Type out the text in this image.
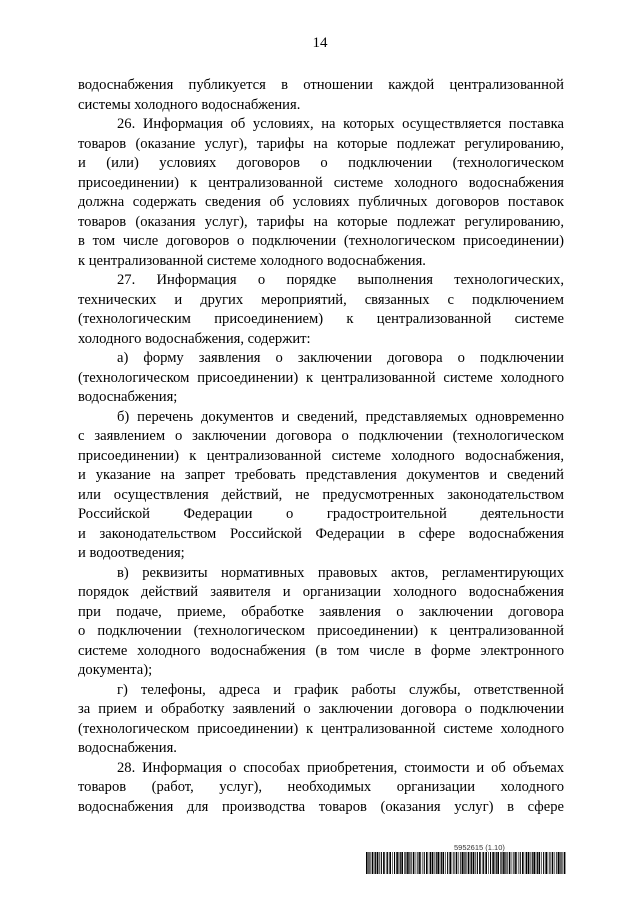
14
водоснабжения публикуется в отношении каждой централизованной
системы холодного водоснабжения.
26. Информация об условиях, на которых осуществляется поставка
товаров (оказание услуг), тарифы на которые подлежат регулированию,
и (или) условиях договоров о подключении (технологическом
присоединении) к централизованной системе холодного водоснабжения
должна содержать сведения об условиях публичных договоров поставок
товаров (оказания услуг), тарифы на которые подлежат регулированию,
в том числе договоров о подключении (технологическом присоединении)
к централизованной системе холодного водоснабжения.
27. Информация о порядке выполнения технологических,
технических и других мероприятий, связанных с подключением
(технологическим присоединением) к централизованной системе
холодного водоснабжения, содержит:
а) форму заявления о заключении договора о подключении
(технологическом присоединении) к централизованной системе холодного
водоснабжения;
б) перечень документов и сведений, представляемых одновременно
с заявлением о заключении договора о подключении (технологическом
присоединении) к централизованной системе холодного водоснабжения,
и указание на запрет требовать представления документов и сведений
или осуществления действий, не предусмотренных законодательством
Российской Федерации о градостроительной деятельности
и законодательством Российской Федерации в сфере водоснабжения
и водоотведения;
в) реквизиты нормативных правовых актов, регламентирующих
порядок действий заявителя и организации холодного водоснабжения
при подаче, приеме, обработке заявления о заключении договора
о подключении (технологическом присоединении) к централизованной
системе холодного водоснабжения (в том числе в форме электронного
документа);
г) телефоны, адреса и график работы службы, ответственной
за прием и обработку заявлений о заключении договора о подключении
(технологическом присоединении) к централизованной системе холодного
водоснабжения.
28. Информация о способах приобретения, стоимости и об объемах
товаров (работ, услуг), необходимых организации холодного
водоснабжения для производства товаров (оказания услуг) в сфере
5952615 (1.10)
